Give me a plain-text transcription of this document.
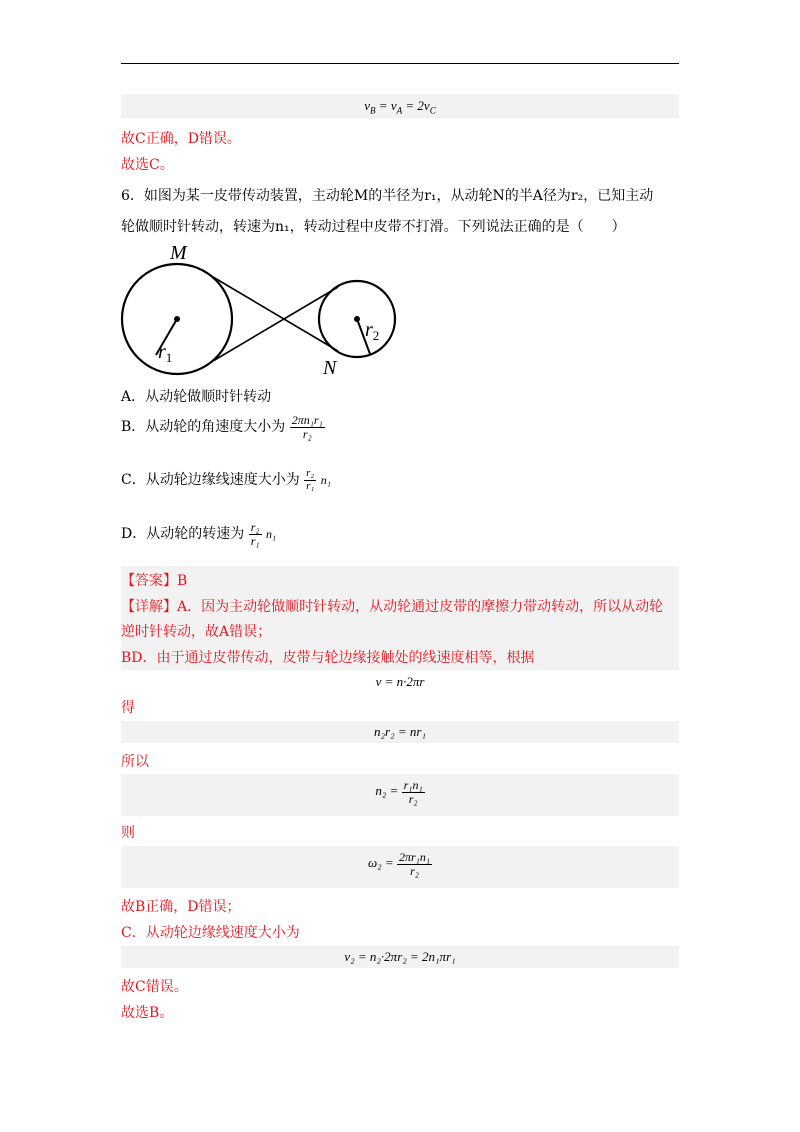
$v_B = v_A = 2v_C$
故C正确，D错误。
故选C。
6．如图为某一皮带传动装置，主动轮M的半径为r₁，从动轮N的半A径为r₂，已知主动
轮做顺时针转动，转速为n₁，转动过程中皮带不打滑。下列说法正确的是（　　）
M
N
$r_1$
$r_2$
A．从动轮做顺时针转动
B．从动轮的角速度大小为 $\frac{\text{2πn₁r₁}}{\text{r₂}}$
C．从动轮边缘线速度大小为 $\frac{\text{r₂}}{\text{r₁}} n_1$
D．从动轮的转速为 $\frac{\text{r₂}}{\text{r₁}} n_1$
【答案】B
【详解】A．因为主动轮做顺时针转动，从动轮通过皮带的摩擦力带动转动，所以从动轮
逆时针转动，故A错误；
BD．由于通过皮带传动，皮带与轮边缘接触处的线速度相等，根据
v = n·2πr
得
n₂r₂ = nr₁
所以
$n_2 = \frac{\text{r₁n₁}}{\text{r₂}}$
则
$\omega_2 = \frac{\text{2πr₁n₁}}{\text{r₂}}$
故B正确，D错误；
C．从动轮边缘线速度大小为
v₂ = n₂·2πr₂ = 2n₁πr₁
故C错误。
故选B。
